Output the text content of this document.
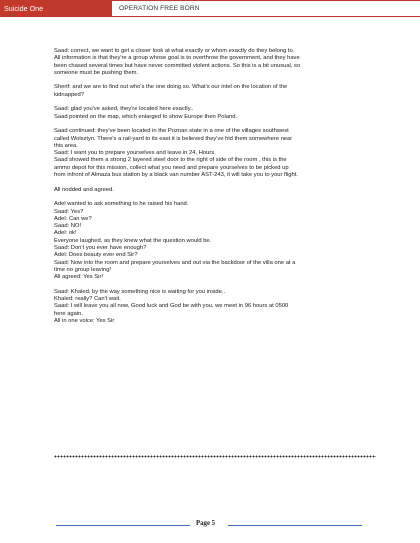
Suicide One	OPERATION FREE BORN
Saad: correct, we want to get a closer look at what exactly or whom exactly do they belong to.
All information is that they're a group whose goal is to overthrow the government, and they have
been chased several times but have never committed violent actions. So this is a bit unusual, so
someone must be pushing them.
Sherif: and we are to find out who's the one doing so. What's our intel on the location of the
kidnapped?
Saad: glad you've asked, they're located here exactly..
Saad pointed on the map, which enlarged to show Europe then Poland.
Saad continued: they've been located in the Poznan state in a one of the villages southwest
called Wolsztyn. There's a rail-yard to its east it is believed they've hid them somewhere near
this area.
Saad: I want you to prepare yourselves and leave in 24, Hours.
Saad showed them a strong 2 layered steel door to the right of side of the room , this is the
ammo depot for this mission, collect what you need and prepare yourselves to be picked up
from infront of Almaza bus station by a black van number AST-243, it will take you to your flight.
All nodded and agreed.
Adel wanted to ask something to he raised his hand.
Saad: Yes?
Adel: Can we?
Saad: NO!
Adel: ok!
Everyone laughed, as they knew what the question would be.
Saad: Don't you ever have enough?
Adel: Does beauty ever end Sir?
Saad: Now into the room and prepare yourselves and out via the backdoor of the villa one at a
time no group leaving!
All agreed: Yes Sir!
Saad: Khaled, by the way something nice is waiting for you inside..
Khaled: really? Can't wait.
Saad: I will leave you all now, Good luck and God be with you, we meet in 96 hours at 0500
here again.
All in one voice: Yes Sir
Page 5
